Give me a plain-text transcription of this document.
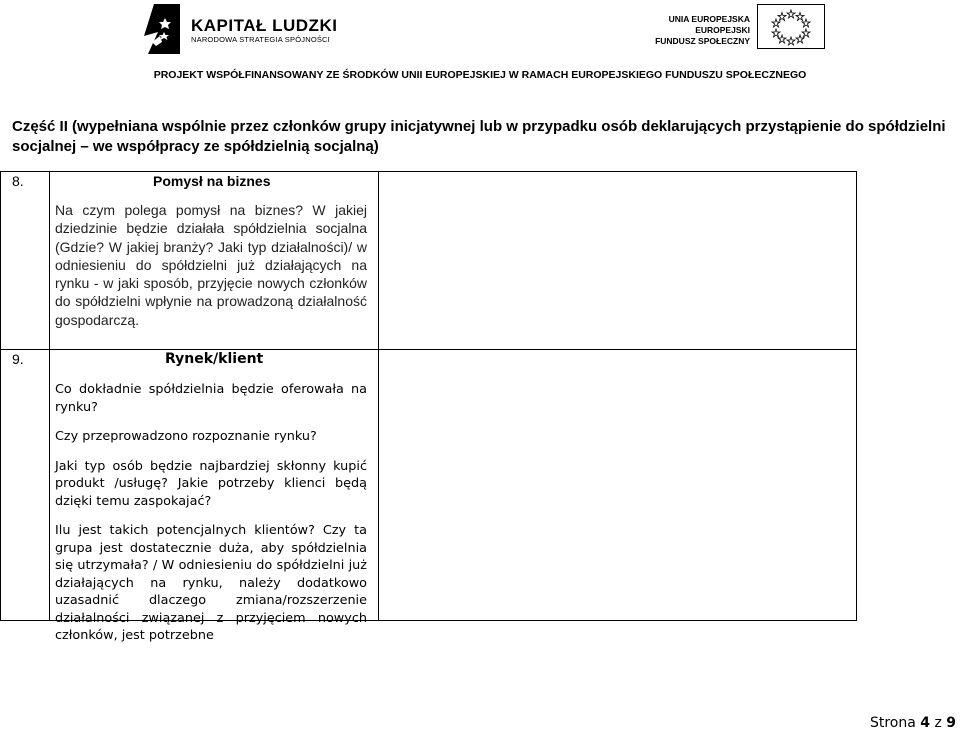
KAPITAŁ LUDZKI
NARODOWA STRATEGIA SPÓJNOŚCI
UNIA EUROPEJSKA
EUROPEJSKI
FUNDUSZ SPOŁECZNY
PROJEKT WSPÓŁFINANSOWANY ZE ŚRODKÓW UNII EUROPEJSKIEJ W RAMACH EUROPEJSKIEGO FUNDUSZU SPOŁECZNEGO
Część II (wypełniana wspólnie przez członków grupy inicjatywnej lub w przypadku osób deklarujących przystąpienie do spółdzielni socjalnej – we współpracy ze spółdzielnią socjalną)
8.	Pomysł na biznes

Na czym polega pomysł na biznes? W jakiej dziedzinie będzie działała spółdzielnia socjalna (Gdzie? W jakiej branży? Jaki typ działalności)/ w odniesieniu do spółdzielni już działających na rynku - w jaki sposób, przyjęcie nowych członków do spółdzielni wpłynie na prowadzoną działalność gospodarczą.

9.	Rynek/klient

Co dokładnie spółdzielnia będzie oferowała na rynku?

Czy przeprowadzono rozpoznanie rynku?

Jaki typ osób będzie najbardziej skłonny kupić produkt /usługę? Jakie potrzeby klienci będą dzięki temu zaspokajać?

Ilu jest takich potencjalnych klientów? Czy ta grupa jest dostatecznie duża, aby spółdzielnia się utrzymała? / W odniesieniu do spółdzielni już działających na rynku, należy dodatkowo uzasadnić dlaczego zmiana/rozszerzenie działalności związanej z przyjęciem nowych członków, jest potrzebne

Strona 4 z 9
